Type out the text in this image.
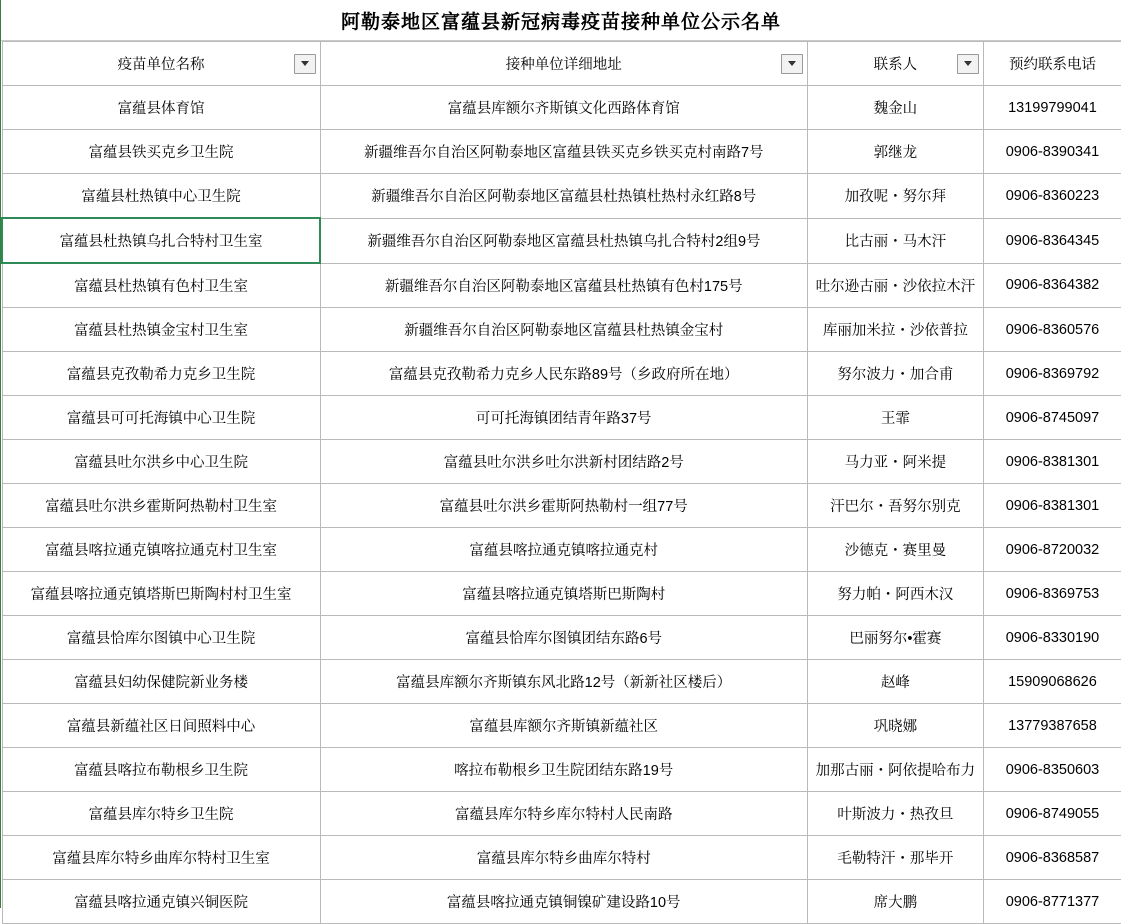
阿勒泰地区富蕴县新冠病毒疫苗接种单位公示名单
疫苗单位名称	接种单位详细地址	联系人	预约联系电话

富蕴县体育馆	富蕴县库额尔齐斯镇文化西路体育馆	魏金山	13199799041

富蕴县铁买克乡卫生院	新疆维吾尔自治区阿勒泰地区富蕴县铁买克乡铁买克村南路7号	郭继龙	0906-8390341

富蕴县杜热镇中心卫生院	新疆维吾尔自治区阿勒泰地区富蕴县杜热镇杜热村永红路8号	加孜呢・努尔拜	0906-8360223

富蕴县杜热镇乌扎合特村卫生室	新疆维吾尔自治区阿勒泰地区富蕴县杜热镇乌扎合特村2组9号	比古丽・马木汗	0906-8364345

富蕴县杜热镇有色村卫生室	新疆维吾尔自治区阿勒泰地区富蕴县杜热镇有色村175号	吐尔逊古丽・沙依拉木汗	0906-8364382

富蕴县杜热镇金宝村卫生室	新疆维吾尔自治区阿勒泰地区富蕴县杜热镇金宝村	库丽加米拉・沙依普拉	0906-8360576

富蕴县克孜勒希力克乡卫生院	富蕴县克孜勒希力克乡人民东路89号（乡政府所在地）	努尔波力・加合甫	0906-8369792

富蕴县可可托海镇中心卫生院	可可托海镇团结青年路37号	王霏	0906-8745097

富蕴县吐尔洪乡中心卫生院	富蕴县吐尔洪乡吐尔洪新村团结路2号	马力亚・阿米提	0906-8381301

富蕴县吐尔洪乡霍斯阿热勒村卫生室	富蕴县吐尔洪乡霍斯阿热勒村一组77号	汗巴尔・吾努尔别克	0906-8381301

富蕴县喀拉通克镇喀拉通克村卫生室	富蕴县喀拉通克镇喀拉通克村	沙德克・赛里曼	0906-8720032

富蕴县喀拉通克镇塔斯巴斯陶村村卫生室	富蕴县喀拉通克镇塔斯巴斯陶村	努力帕・阿西木汉	0906-8369753

富蕴县恰库尔图镇中心卫生院	富蕴县恰库尔图镇团结东路6号	巴丽努尔•霍赛	0906-8330190

富蕴县妇幼保健院新业务楼	富蕴县库额尔齐斯镇东风北路12号（新新社区楼后）	赵峰	15909068626

富蕴县新蕴社区日间照料中心	富蕴县库额尔齐斯镇新蕴社区	巩晓娜	13779387658

富蕴县喀拉布勒根乡卫生院	喀拉布勒根乡卫生院团结东路19号	加那古丽・阿依提哈布力	0906-8350603

富蕴县库尔特乡卫生院	富蕴县库尔特乡库尔特村人民南路	叶斯波力・热孜旦	0906-8749055

富蕴县库尔特乡曲库尔特村卫生室	富蕴县库尔特乡曲库尔特村	毛勒特汗・那毕开	0906-8368587

富蕴县喀拉通克镇兴铜医院	富蕴县喀拉通克镇铜镍矿建设路10号	席大鹏	0906-8771377
